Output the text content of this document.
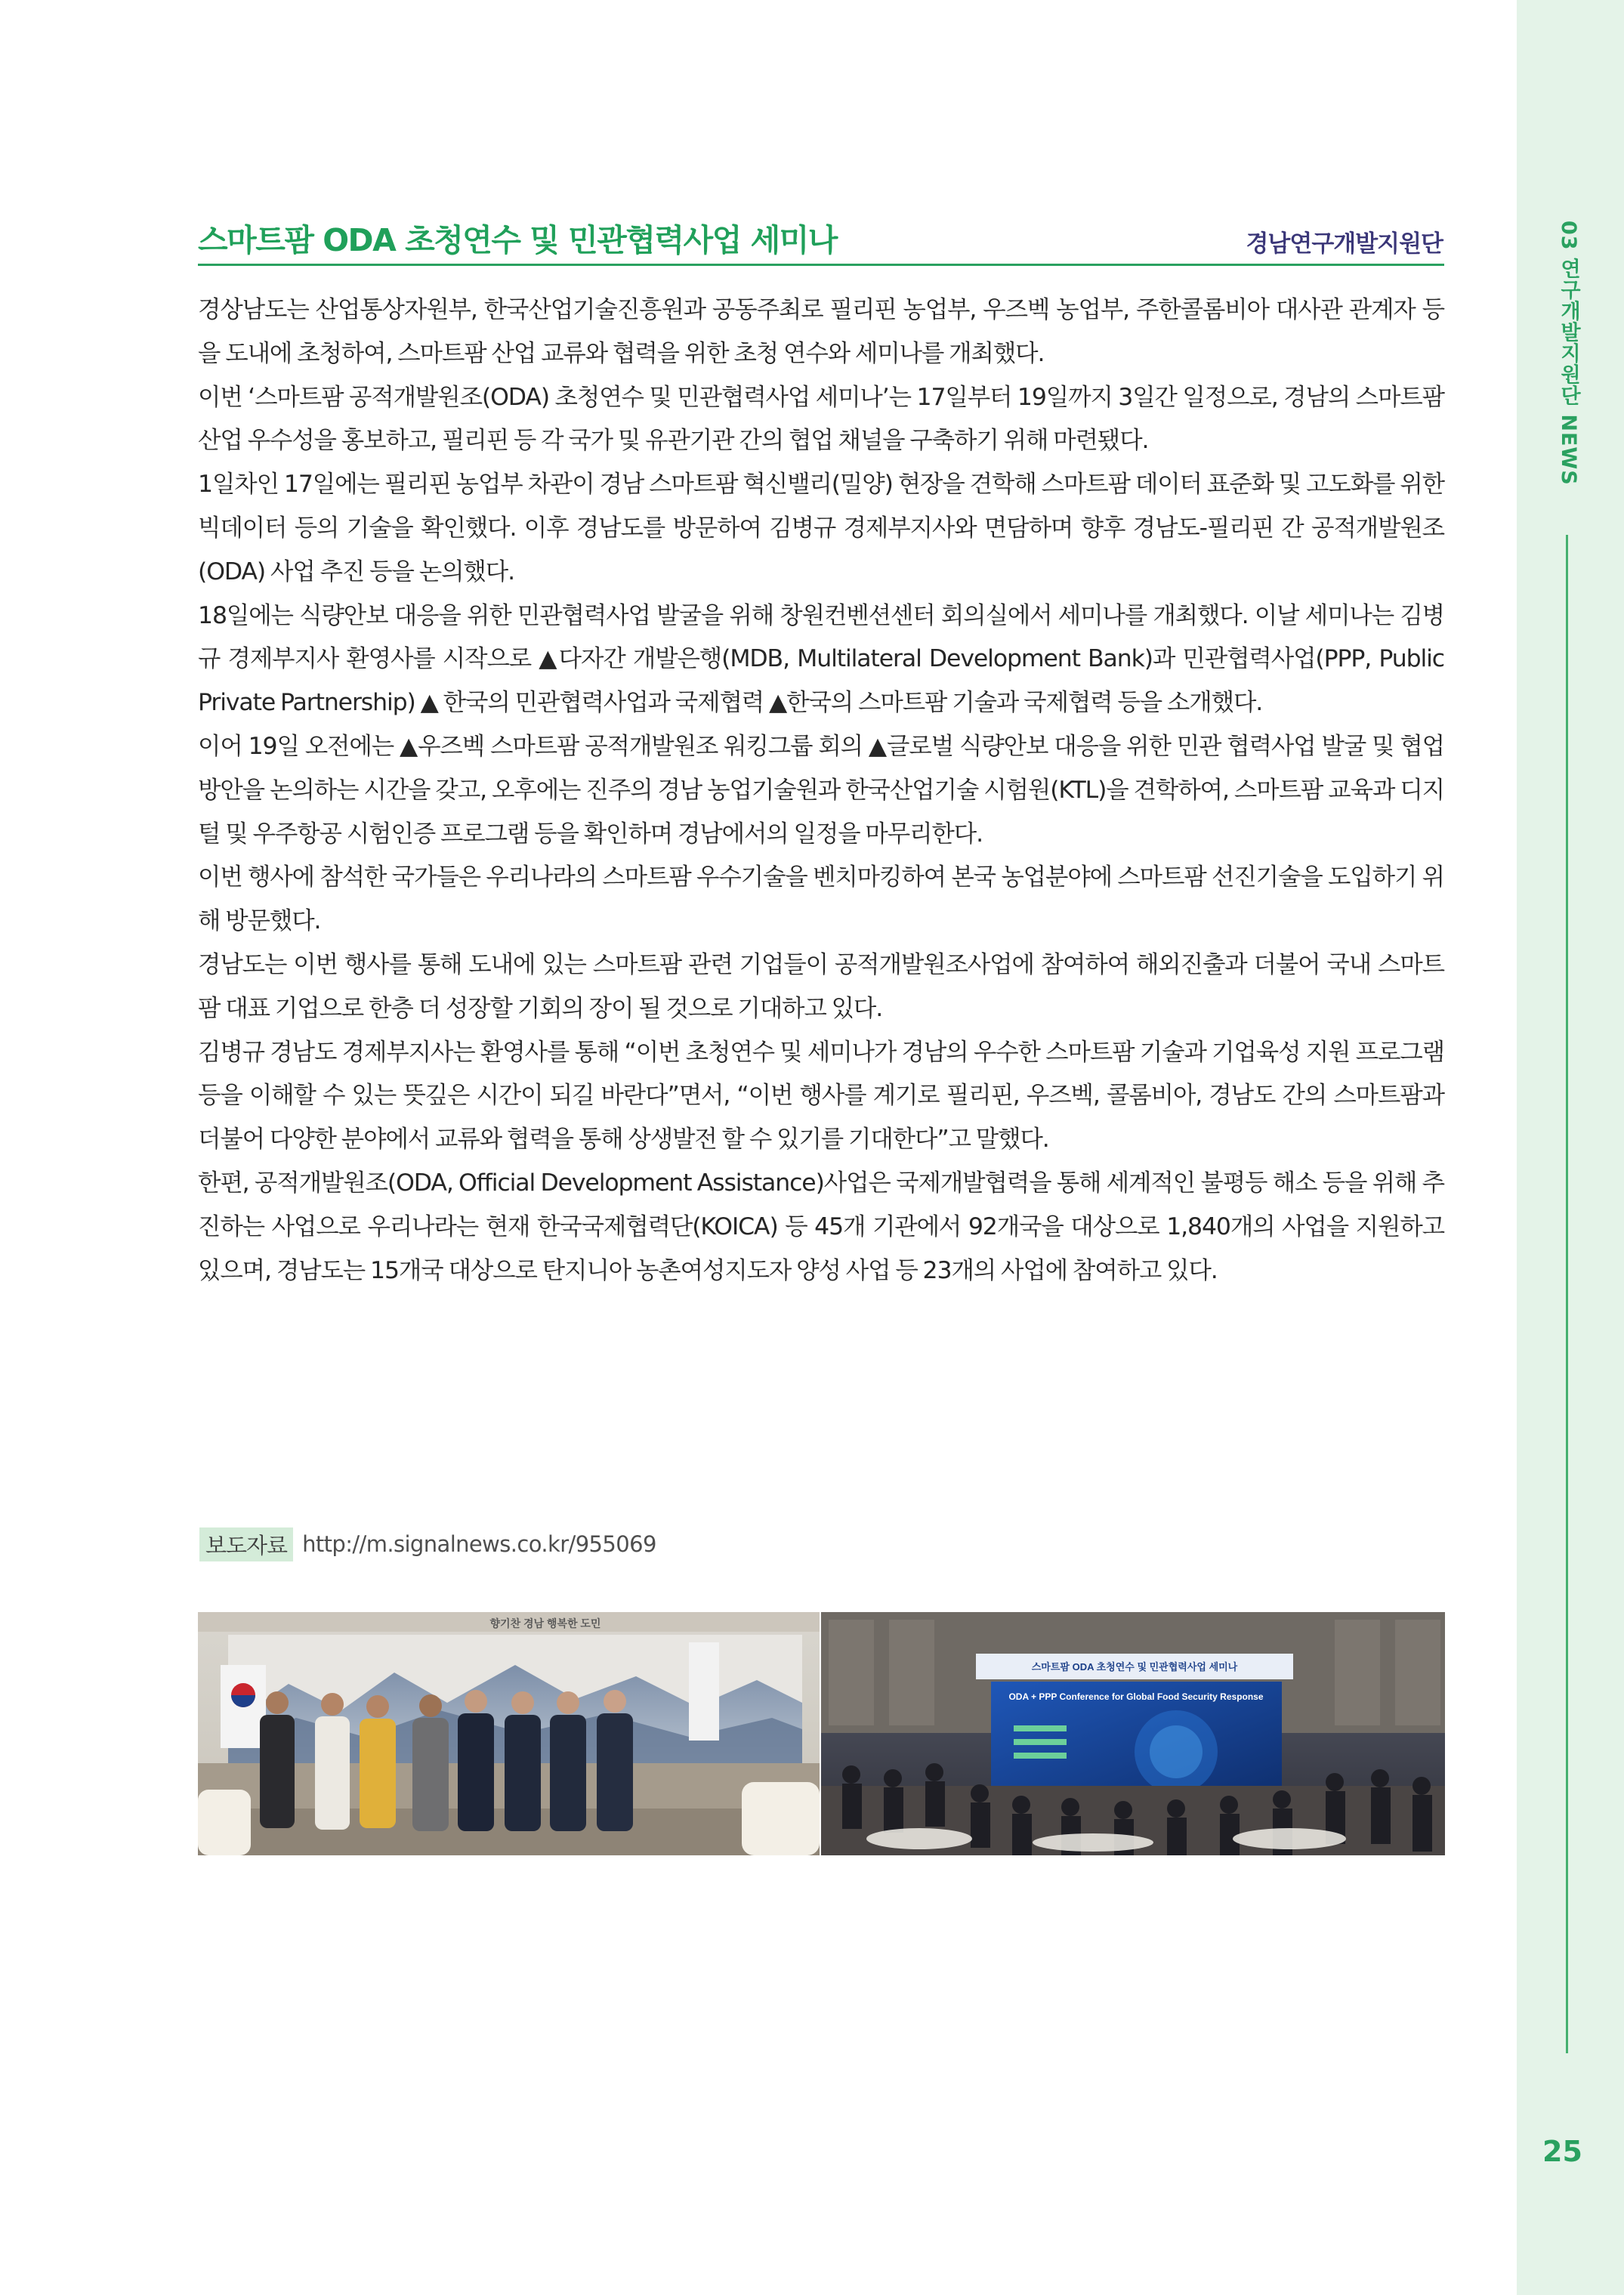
03 연구개발지원단 NEWS
25
스마트팜 ODA 초청연수 및 민관협력사업 세미나	경남연구개발지원단

경상남도는 산업통상자원부, 한국산업기술진흥원과 공동주최로 필리핀 농업부, 우즈벡 농업부, 주한콜롬비아 대사관 관계자 등을 도내에 초청하여, 스마트팜 산업 교류와 협력을 위한 초청 연수와 세미나를 개최했다.

이번 ‘스마트팜 공적개발원조(ODA) 초청연수 및 민관협력사업 세미나’는 17일부터 19일까지 3일간 일정으로, 경남의 스마트팜 산업 우수성을 홍보하고, 필리핀 등 각 국가 및 유관기관 간의 협업 채널을 구축하기 위해 마련됐다.

1일차인 17일에는 필리핀 농업부 차관이 경남 스마트팜 혁신밸리(밀양) 현장을 견학해 스마트팜 데이터 표준화 및 고도화를 위한 빅데이터 등의 기술을 확인했다. 이후 경남도를 방문하여 김병규 경제부지사와 면담하며 향후 경남도-필리핀 간 공적개발원조(ODA) 사업 추진 등을 논의했다.

18일에는 식량안보 대응을 위한 민관협력사업 발굴을 위해 창원컨벤션센터 회의실에서 세미나를 개최했다. 이날 세미나는 김병규 경제부지사 환영사를 시작으로 ▲다자간 개발은행(MDB, Multilateral Development Bank)과 민관협력사업(PPP, Public Private Partnership) ▲ 한국의 민관협력사업과 국제협력 ▲한국의 스마트팜 기술과 국제협력 등을 소개했다.

이어 19일 오전에는 ▲우즈벡 스마트팜 공적개발원조 워킹그룹 회의 ▲글로벌 식량안보 대응을 위한 민관 협력사업 발굴 및 협업방안을 논의하는 시간을 갖고, 오후에는 진주의 경남 농업기술원과 한국산업기술 시험원(KTL)을 견학하여, 스마트팜 교육과 디지털 및 우주항공 시험인증 프로그램 등을 확인하며 경남에서의 일정을 마무리한다.

이번 행사에 참석한 국가들은 우리나라의 스마트팜 우수기술을 벤치마킹하여 본국 농업분야에 스마트팜 선진기술을 도입하기 위해 방문했다.

경남도는 이번 행사를 통해 도내에 있는 스마트팜 관련 기업들이 공적개발원조사업에 참여하여 해외진출과 더불어 국내 스마트팜 대표 기업으로 한층 더 성장할 기회의 장이 될 것으로 기대하고 있다.

김병규 경남도 경제부지사는 환영사를 통해 “이번 초청연수 및 세미나가 경남의 우수한 스마트팜 기술과 기업육성 지원 프로그램 등을 이해할 수 있는 뜻깊은 시간이 되길 바란다”면서, “이번 행사를 계기로 필리핀, 우즈벡, 콜롬비아, 경남도 간의 스마트팜과 더불어 다양한 분야에서 교류와 협력을 통해 상생발전 할 수 있기를 기대한다”고 말했다.

한편, 공적개발원조(ODA, Official Development Assistance)사업은 국제개발협력을 통해 세계적인 불평등 해소 등을 위해 추진하는 사업으로 우리나라는 현재 한국국제협력단(KOICA) 등 45개 기관에서 92개국을 대상으로 1,840개의 사업을 지원하고 있으며, 경남도는 15개국 대상으로 탄지니아 농촌여성지도자 양성 사업 등 23개의 사업에 참여하고 있다.

보도자료 http://m.signalnews.co.kr/955069
향기찬 경남 행복한 도민
스마트팜 ODA 초청연수 및 민관협력사업 세미나
ODA + PPP Conference for Global Food Security Response
